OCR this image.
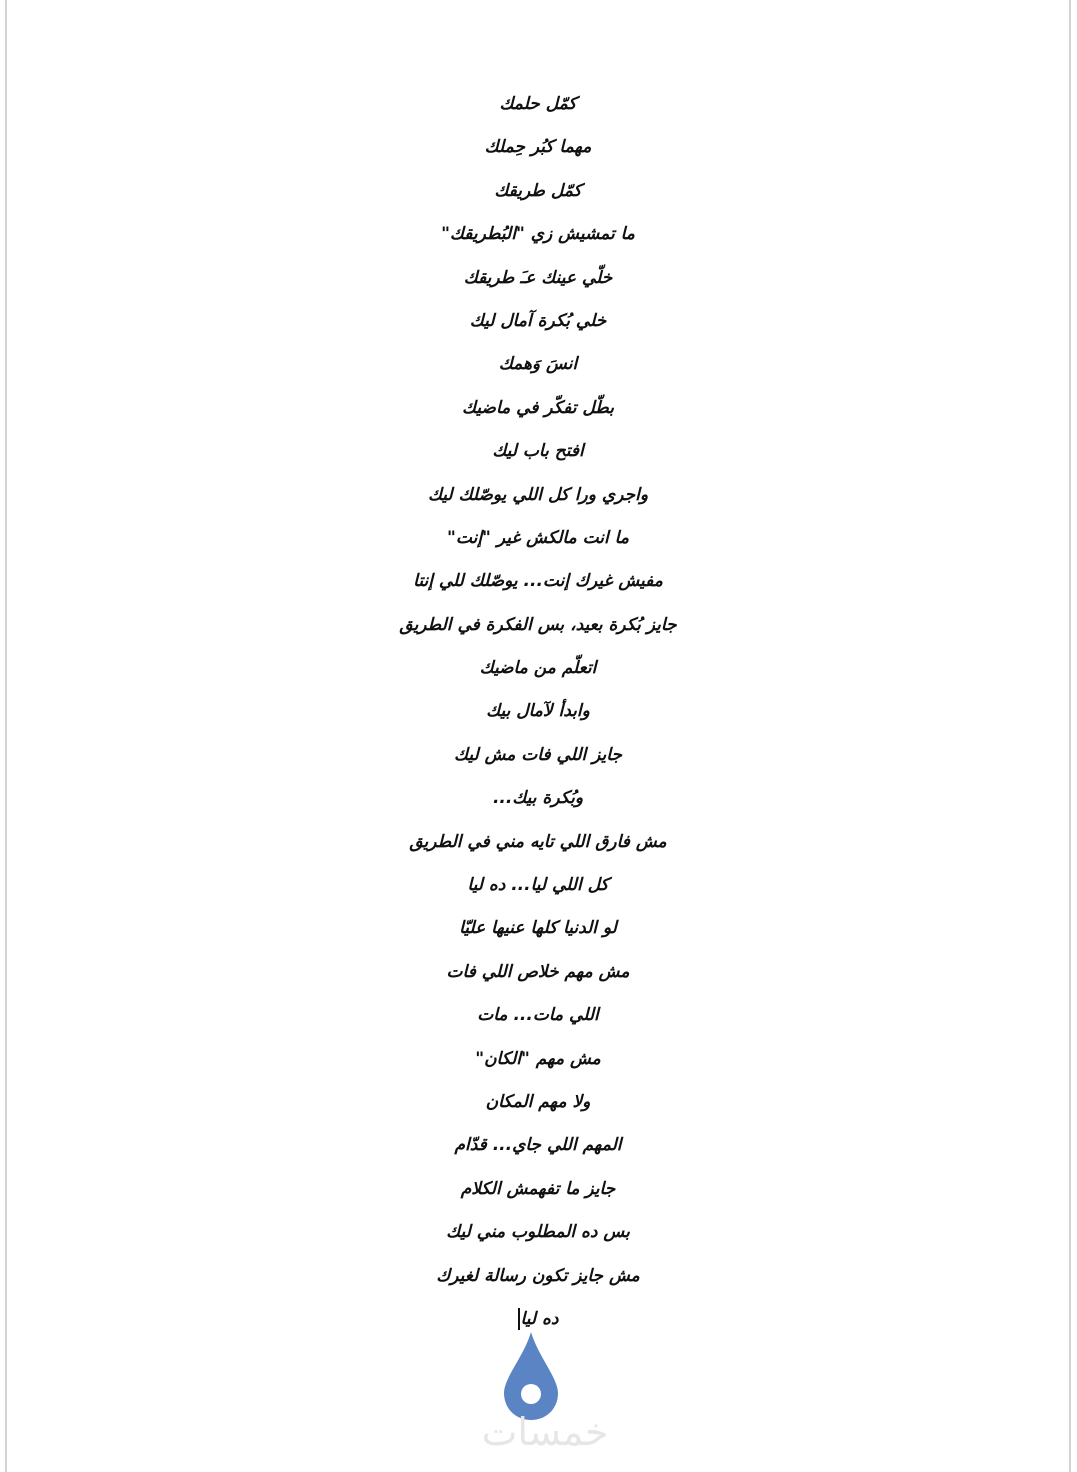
كمّل حلمك
مهما كبُر حِملك
كمّل طريقك
ما تمشيش زي "البُطريقك"
خلّي عينك عـَ طريقك
خلي بُكرة آمال ليك
انسَ وَهمك
بطّل تفكّر في ماضيك
افتح باب ليك
واجري ورا كل اللي يوصّلك ليك
ما انت مالكش غير "إنت"
مفيش غيرك إنت... يوصّلك للي إنتا
جايز بُكرة بعيد، بس الفكرة في الطريق
اتعلّم من ماضيك
وابدأ لآمال بيك
جايز اللي فات مش ليك
وبُكرة بيك...
مش فارق اللي تايه مني في الطريق
كل اللي ليا... ده ليا
لو الدنيا كلها عنيها عليّا
مش مهم خلاص اللي فات
اللي مات... مات
مش مهم "الكان"
ولا مهم المكان
المهم اللي جاي... قدّام
جايز ما تفهمش الكلام
بس ده المطلوب مني ليك
مش جايز تكون رسالة لغيرك
ده ليا
خمسات
